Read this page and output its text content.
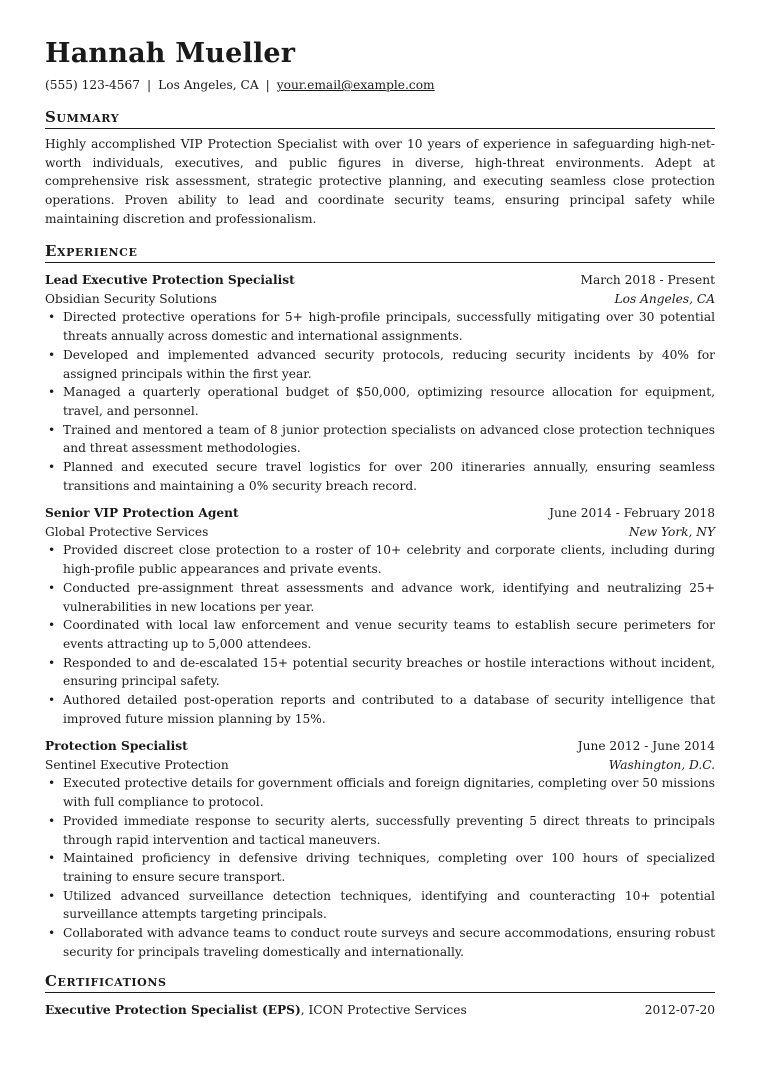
Hannah Mueller
(555) 123-4567 | Los Angeles, CA | your.email@example.com
Summary
Highly accomplished VIP Protection Specialist with over 10 years of experience in safeguarding high-net-worth individuals, executives, and public figures in diverse, high-threat environments. Adept at comprehensive risk assessment, strategic protective planning, and executing seamless close protection operations. Proven ability to lead and coordinate security teams, ensuring principal safety while maintaining discretion and professionalism.
Experience
Lead Executive Protection Specialist	March 2018 - Present
Obsidian Security Solutions	Los Angeles, CA
• Directed protective operations for 5+ high-profile principals, successfully mitigating over 30 potential threats annually across domestic and international assignments.
• Developed and implemented advanced security protocols, reducing security incidents by 40% for assigned principals within the first year.
• Managed a quarterly operational budget of $50,000, optimizing resource allocation for equipment, travel, and personnel.
• Trained and mentored a team of 8 junior protection specialists on advanced close protection techniques and threat assessment methodologies.
• Planned and executed secure travel logistics for over 200 itineraries annually, ensuring seamless transitions and maintaining a 0% security breach record.
Senior VIP Protection Agent	June 2014 - February 2018
Global Protective Services	New York, NY
• Provided discreet close protection to a roster of 10+ celebrity and corporate clients, including during high-profile public appearances and private events.
• Conducted pre-assignment threat assessments and advance work, identifying and neutralizing 25+ vulnerabilities in new locations per year.
• Coordinated with local law enforcement and venue security teams to establish secure perimeters for events attracting up to 5,000 attendees.
• Responded to and de-escalated 15+ potential security breaches or hostile interactions without incident, ensuring principal safety.
• Authored detailed post-operation reports and contributed to a database of security intelligence that improved future mission planning by 15%.
Protection Specialist	June 2012 - June 2014
Sentinel Executive Protection	Washington, D.C.
• Executed protective details for government officials and foreign dignitaries, completing over 50 missions with full compliance to protocol.
• Provided immediate response to security alerts, successfully preventing 5 direct threats to principals through rapid intervention and tactical maneuvers.
• Maintained proficiency in defensive driving techniques, completing over 100 hours of specialized training to ensure secure transport.
• Utilized advanced surveillance detection techniques, identifying and counteracting 10+ potential surveillance attempts targeting principals.
• Collaborated with advance teams to conduct route surveys and secure accommodations, ensuring robust security for principals traveling domestically and internationally.
Certifications
Executive Protection Specialist (EPS), ICON Protective Services	2012-07-20
